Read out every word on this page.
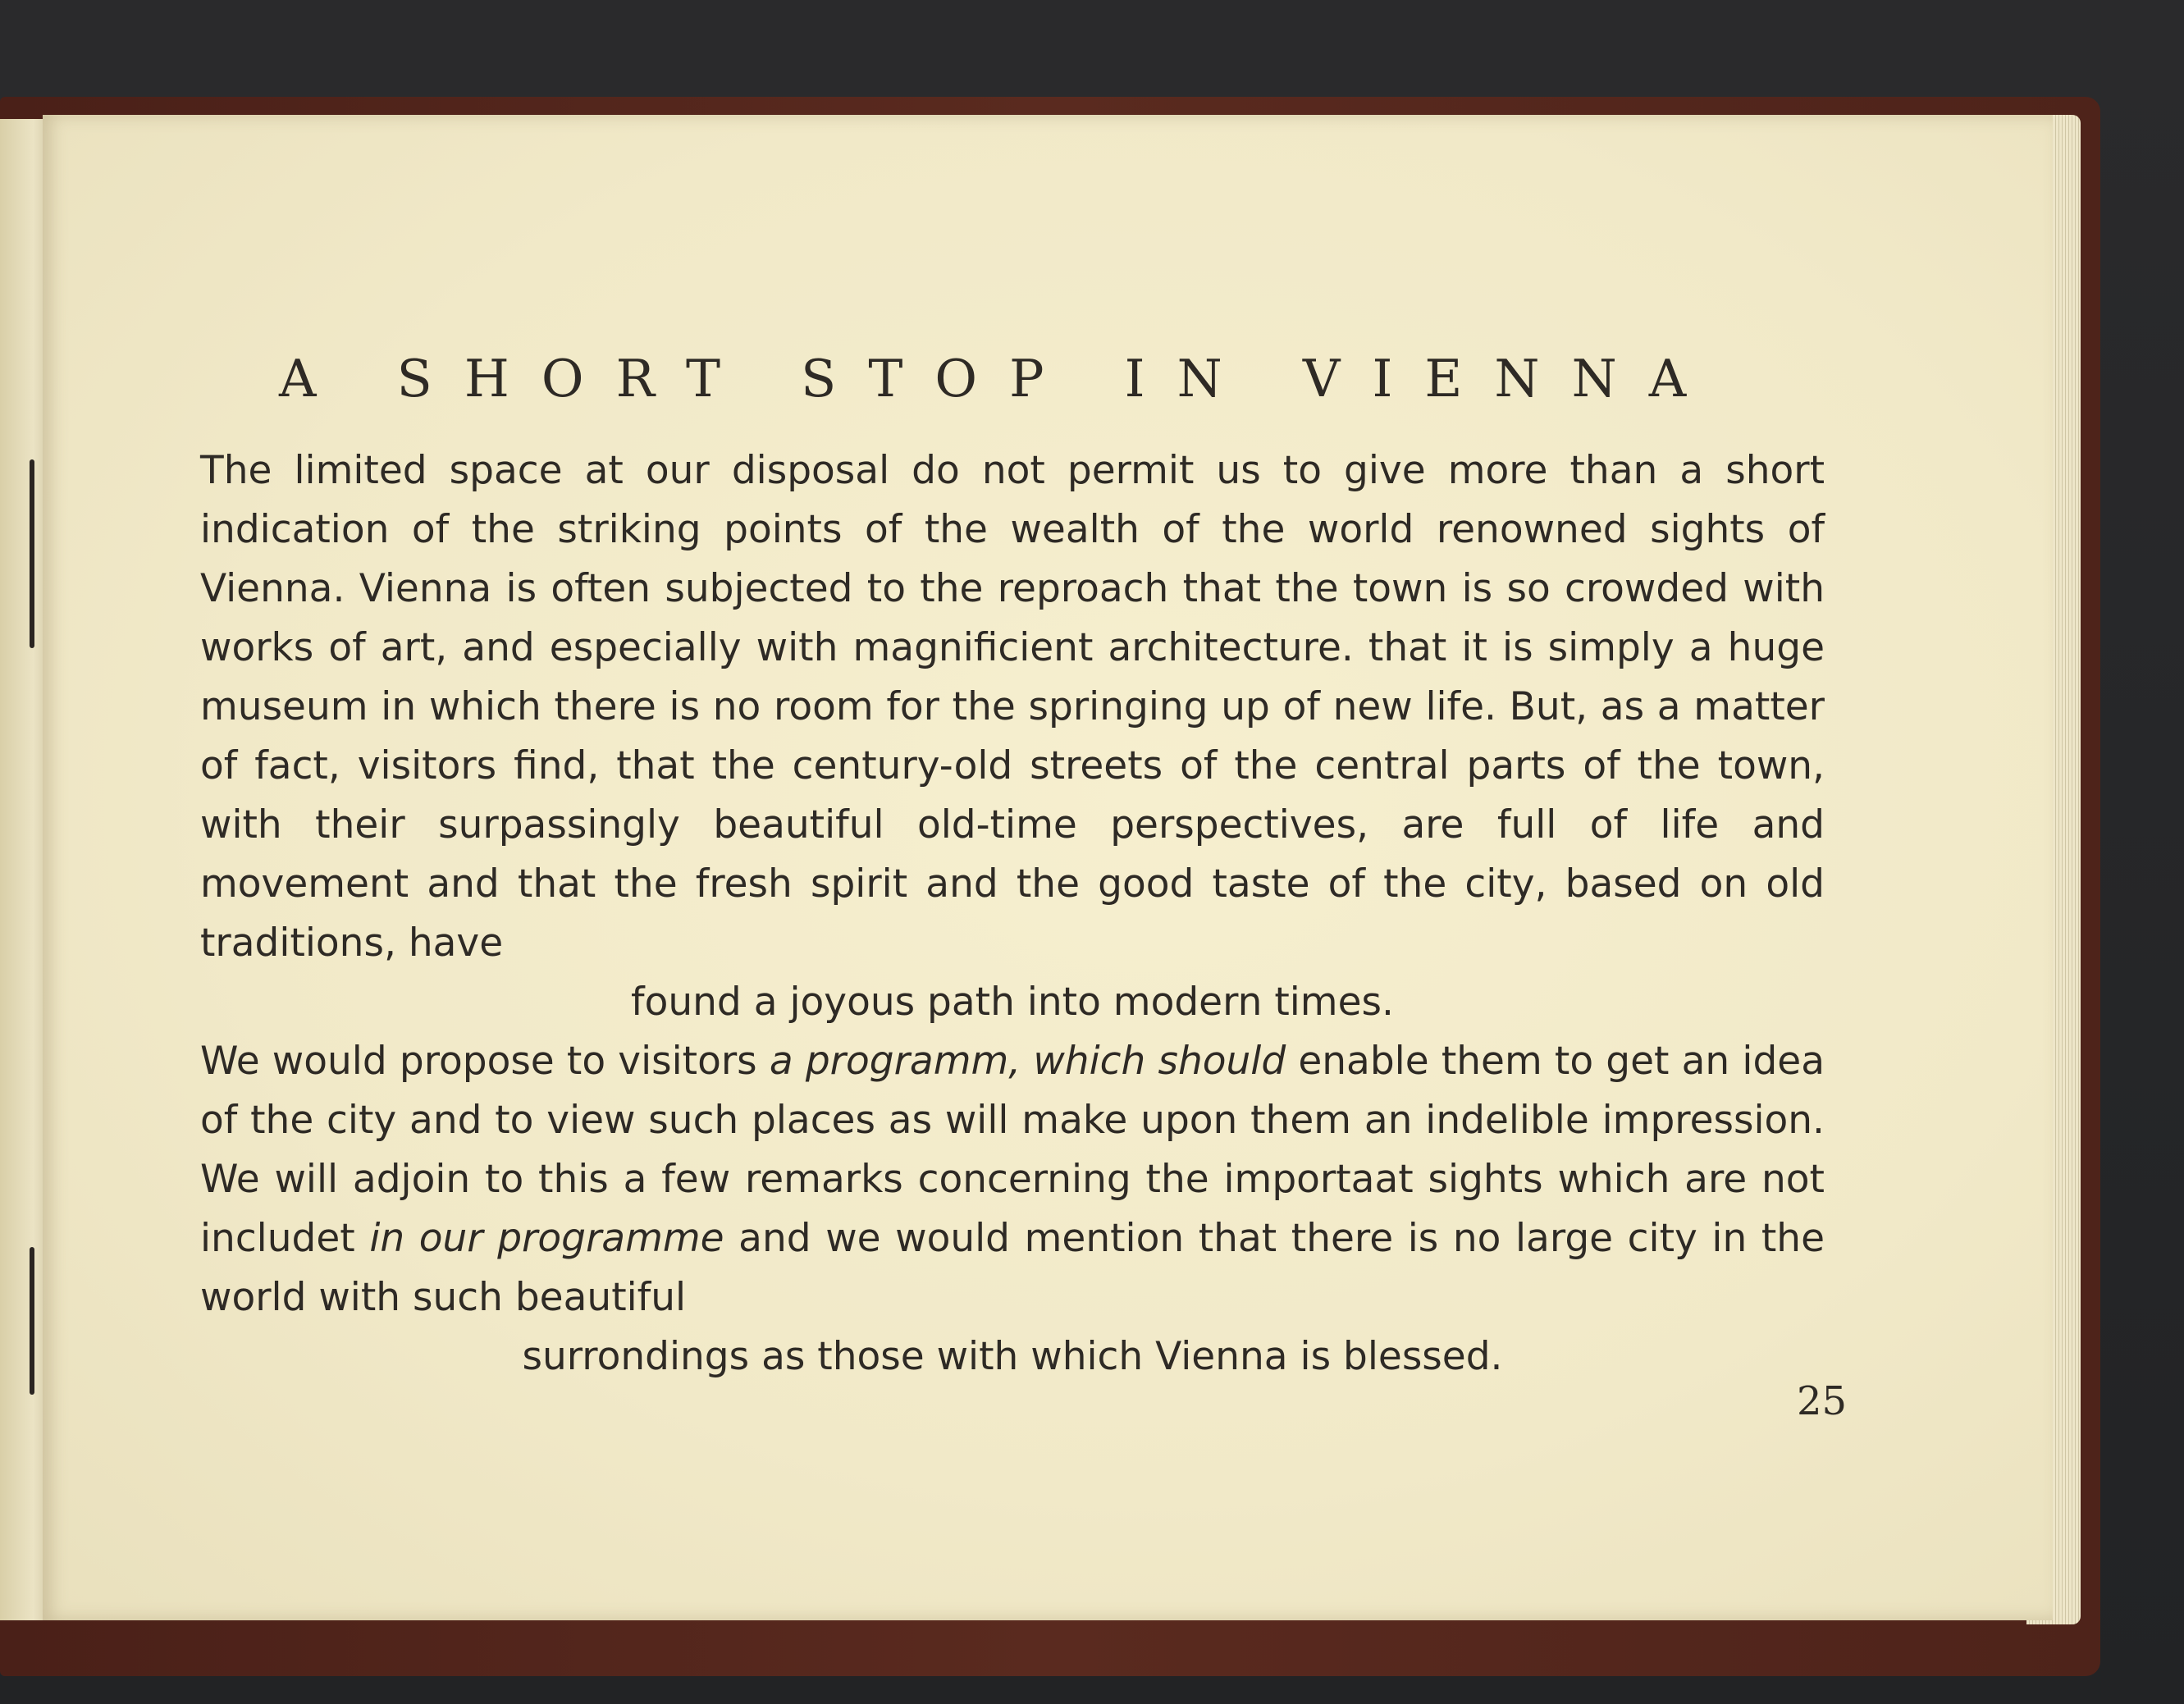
A SHORT STOP IN VIENNA

The limited space at our disposal do not permit us to give more than a short indication of the striking points of the wealth of the world renowned sights of Vienna. Vienna is often subjected to the reproach that the town is so crowded with works of art, and especially with magnificient architecture. that it is simply a huge museum in which there is no room for the springing up of new life. But, as a matter of fact, visitors find, that the century-old streets of the central parts of the town, with their surpassingly beautiful old-time perspectives, are full of life and movement and that the fresh spirit and the good taste of the city, based on old traditions, have
found a joyous path into modern times.

We would propose to visitors a programm, which should enable them to get an idea of the city and to view such places as will make upon them an indelible impression. We will adjoin to this a few remarks concerning the importaat sights which are not includet in our programme and we would mention that there is no large city in the world with such beautiful
surrondings as those with which Vienna is blessed.

25
